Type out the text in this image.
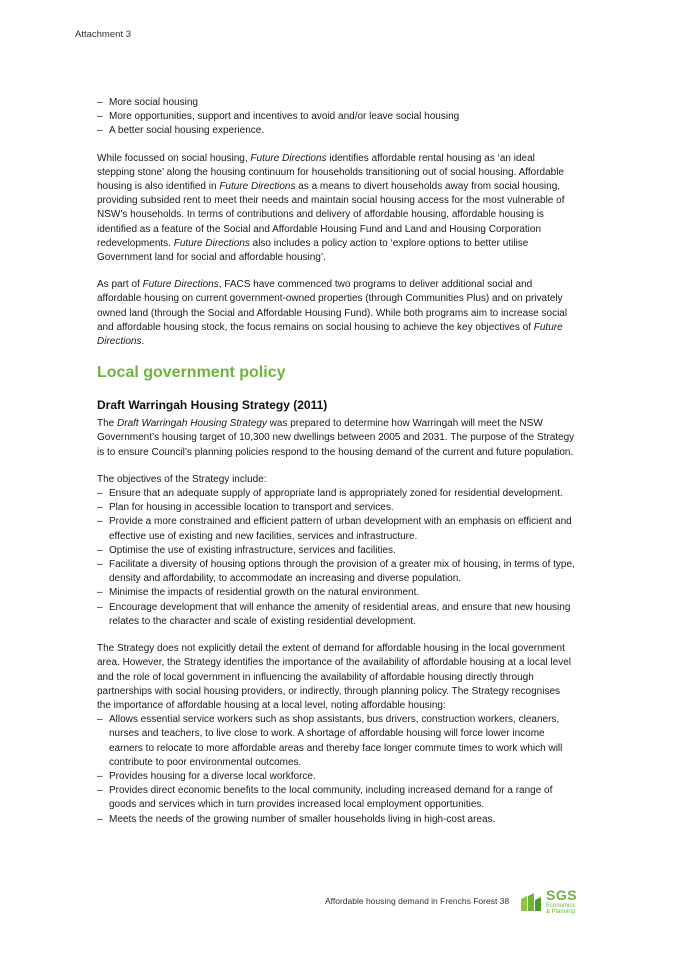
Attachment 3
– More social housing
– More opportunities, support and incentives to avoid and/or leave social housing
– A better social housing experience.

While focussed on social housing, Future Directions identifies affordable rental housing as ‘an ideal stepping stone’ along the housing continuum for households transitioning out of social housing. Affordable housing is also identified in Future Directions as a means to divert households away from social housing, providing subsided rent to meet their needs and maintain social housing access for the most vulnerable of NSW’s households. In terms of contributions and delivery of affordable housing, affordable housing is identified as a feature of the Social and Affordable Housing Fund and Land and Housing Corporation redevelopments. Future Directions also includes a policy action to ‘explore options to better utilise Government land for social and affordable housing’.

As part of Future Directions, FACS have commenced two programs to deliver additional social and affordable housing on current government-owned properties (through Communities Plus) and on privately owned land (through the Social and Affordable Housing Fund). While both programs aim to increase social and affordable housing stock, the focus remains on social housing to achieve the key objectives of Future Directions.

Local government policy
Draft Warringah Housing Strategy (2011)

The Draft Warringah Housing Strategy was prepared to determine how Warringah will meet the NSW Government’s housing target of 10,300 new dwellings between 2005 and 2031. The purpose of the Strategy is to ensure Council’s planning policies respond to the housing demand of the current and future population.

The objectives of the Strategy include:

– Ensure that an adequate supply of appropriate land is appropriately zoned for residential development.
– Plan for housing in accessible location to transport and services.
– Provide a more constrained and efficient pattern of urban development with an emphasis on efficient and effective use of existing and new facilities, services and infrastructure.
– Optimise the use of existing infrastructure, services and facilities.
– Facilitate a diversity of housing options through the provision of a greater mix of housing, in terms of type, density and affordability, to accommodate an increasing and diverse population.
– Minimise the impacts of residential growth on the natural environment.
– Encourage development that will enhance the amenity of residential areas, and ensure that new housing relates to the character and scale of existing residential development.

The Strategy does not explicitly detail the extent of demand for affordable housing in the local government area. However, the Strategy identifies the importance of the availability of affordable housing at a local level and the role of local government in influencing the availability of affordable housing directly through partnerships with social housing providers, or indirectly, through planning policy. The Strategy recognises the importance of affordable housing at a local level, noting affordable housing:

– Allows essential service workers such as shop assistants, bus drivers, construction workers, cleaners, nurses and teachers, to live close to work. A shortage of affordable housing will force lower income earners to relocate to more affordable areas and thereby face longer commute times to work which will contribute to poor environmental outcomes.
– Provides housing for a diverse local workforce.
– Provides direct economic benefits to the local community, including increased demand for a range of goods and services which in turn provides increased local employment opportunities.
– Meets the needs of the growing number of smaller households living in high-cost areas.
Affordable housing demand in Frenchs Forest 38	SGS
Economics
& Planning
